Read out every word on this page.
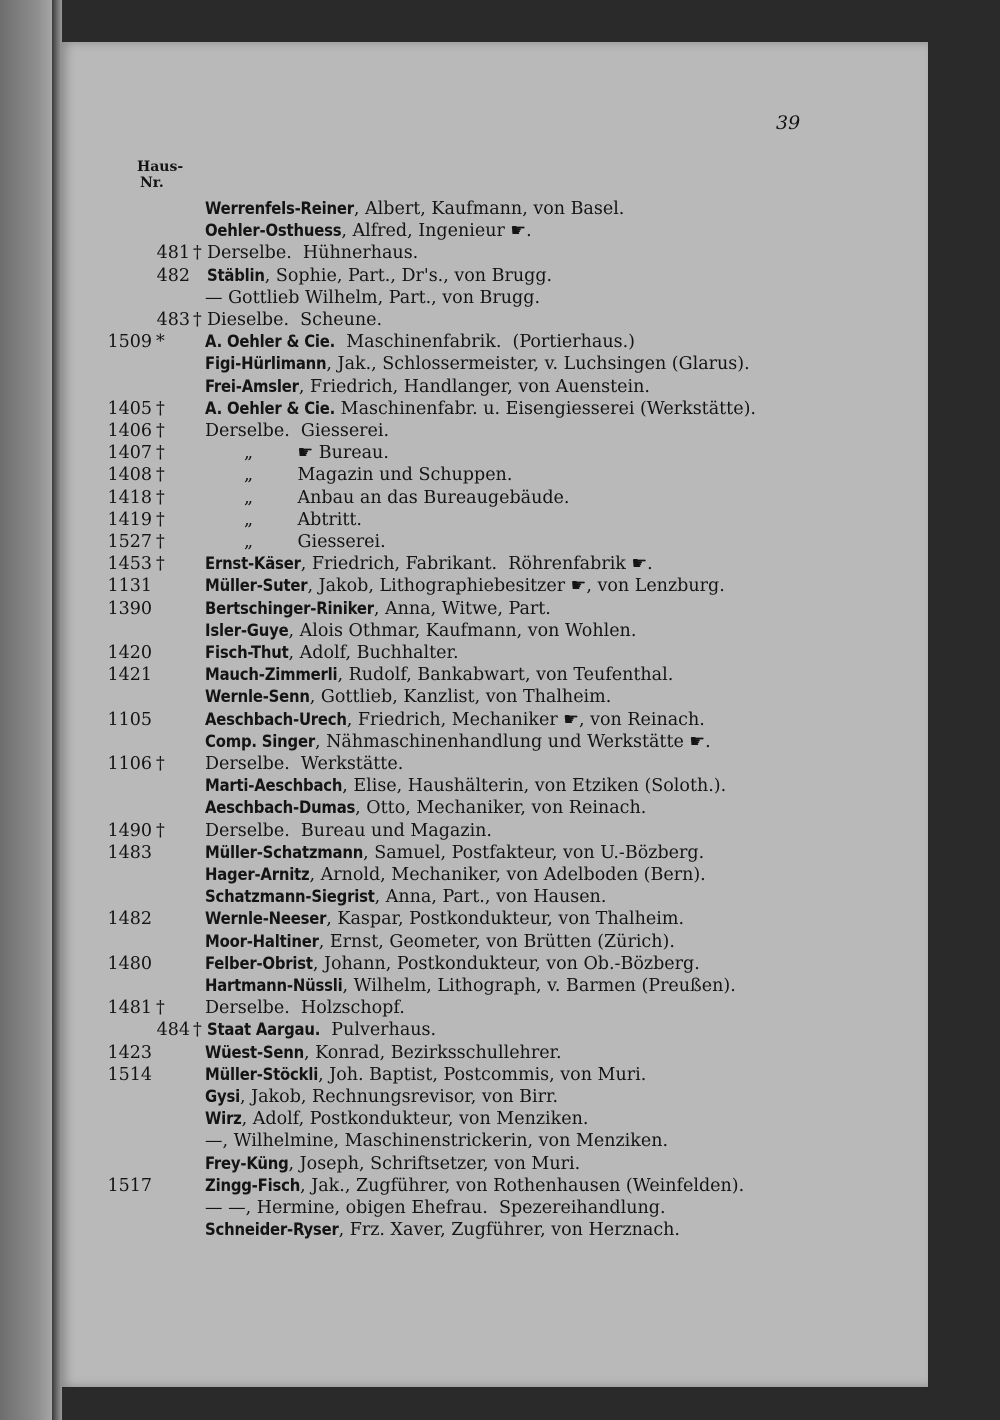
39
Haus-
Nr.
Werrenfels-Reiner, Albert, Kaufmann, von Basel.
Oehler-Osthuess, Alfred, Ingenieur ☛.
481 † Derselbe.  Hühnerhaus.
482 Stäblin, Sophie, Part., Dr's., von Brugg.
— Gottlieb Wilhelm, Part., von Brugg.
483 † Dieselbe.  Scheune.
1509 *	A. Oehler & Cie.  Maschinenfabrik.  (Portierhaus.)
Figi-Hürlimann, Jak., Schlossermeister, v. Luchsingen (Glarus).
Frei-Amsler, Friedrich, Handlanger, von Auenstein.
1405 †	A. Oehler & Cie. Maschinenfabr. u. Eisengiesserei (Werkstätte).
1406 †	Derselbe.  Giesserei.
1407 †	„        ☛ Bureau.
1408 †	„        Magazin und Schuppen.
1418 †	„        Anbau an das Bureaugebäude.
1419 †	„        Abtritt.
1527 †	„        Giesserei.
1453 †	Ernst-Käser, Friedrich, Fabrikant.  Röhrenfabrik ☛.
1131	Müller-Suter, Jakob, Lithographiebesitzer ☛, von Lenzburg.
1390	Bertschinger-Riniker, Anna, Witwe, Part.
Isler-Guye, Alois Othmar, Kaufmann, von Wohlen.
1420	Fisch-Thut, Adolf, Buchhalter.
1421	Mauch-Zimmerli, Rudolf, Bankabwart, von Teufenthal.
Wernle-Senn, Gottlieb, Kanzlist, von Thalheim.
1105	Aeschbach-Urech, Friedrich, Mechaniker ☛, von Reinach.
Comp. Singer, Nähmaschinenhandlung und Werkstätte ☛.
1106 †	Derselbe.  Werkstätte.
Marti-Aeschbach, Elise, Haushälterin, von Etziken (Soloth.).
Aeschbach-Dumas, Otto, Mechaniker, von Reinach.
1490 †	Derselbe.  Bureau und Magazin.
1483	Müller-Schatzmann, Samuel, Postfakteur, von U.-Bözberg.
Hager-Arnitz, Arnold, Mechaniker, von Adelboden (Bern).
Schatzmann-Siegrist, Anna, Part., von Hausen.
1482	Wernle-Neeser, Kaspar, Postkondukteur, von Thalheim.
Moor-Haltiner, Ernst, Geometer, von Brütten (Zürich).
1480	Felber-Obrist, Johann, Postkondukteur, von Ob.-Bözberg.
Hartmann-Nüssli, Wilhelm, Lithograph, v. Barmen (Preußen).
1481 †	Derselbe.  Holzschopf.
484 † Staat Aargau.  Pulverhaus.
1423	Wüest-Senn, Konrad, Bezirksschullehrer.
1514	Müller-Stöckli, Joh. Baptist, Postcommis, von Muri.
Gysi, Jakob, Rechnungsrevisor, von Birr.
Wirz, Adolf, Postkondukteur, von Menziken.
—, Wilhelmine, Maschinenstrickerin, von Menziken.
Frey-Küng, Joseph, Schriftsetzer, von Muri.
1517	Zingg-Fisch, Jak., Zugführer, von Rothenhausen (Weinfelden).
— —, Hermine, obigen Ehefrau.  Spezereihandlung.
Schneider-Ryser, Frz. Xaver, Zugführer, von Herznach.
